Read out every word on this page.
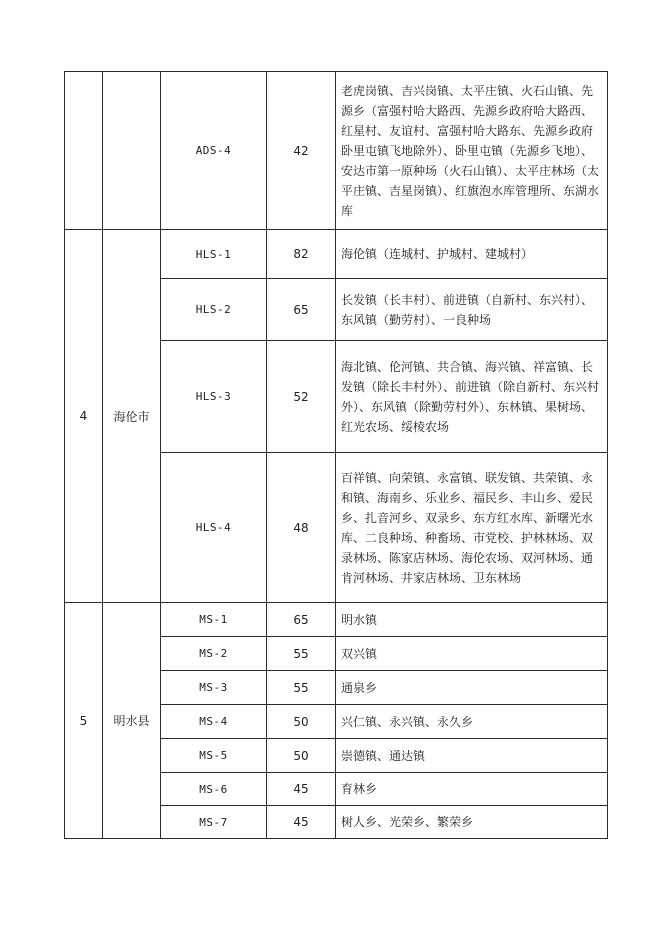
		ADS-4	42	老虎岗镇、吉兴岗镇、太平庄镇、火石山镇、先源乡（富强村哈大路西、先源乡政府哈大路西、红星村、友谊村、富强村哈大路东、先源乡政府卧里屯镇飞地除外）、卧里屯镇（先源乡飞地）、安达市第一原种场（火石山镇）、太平庄林场（太平庄镇、吉星岗镇）、红旗泡水库管理所、东湖水库
4	海伦市	HLS-1	82	海伦镇（连城村、护城村、建城村）
		HLS-2	65	长发镇（长丰村）、前进镇（自新村、东兴村）、东风镇（勤劳村）、一良种场
		HLS-3	52	海北镇、伦河镇、共合镇、海兴镇、祥富镇、长发镇（除长丰村外）、前进镇（除自新村、东兴村外）、东风镇（除勤劳村外）、东林镇、果树场、红光农场、绥棱农场
		HLS-4	48	百祥镇、向荣镇、永富镇、联发镇、共荣镇、永和镇、海南乡、乐业乡、福民乡、丰山乡、爱民乡、扎音河乡、双录乡、东方红水库、新曙光水库、二良种场、种畜场、市党校、护林林场、双录林场、陈家店林场、海伦农场、双河林场、通肯河林场、井家店林场、卫东林场
5	明水县	MS-1	65	明水镇
		MS-2	55	双兴镇
		MS-3	55	通泉乡
		MS-4	50	兴仁镇、永兴镇、永久乡
		MS-5	50	崇德镇、通达镇
		MS-6	45	育林乡
		MS-7	45	树人乡、光荣乡、繁荣乡
